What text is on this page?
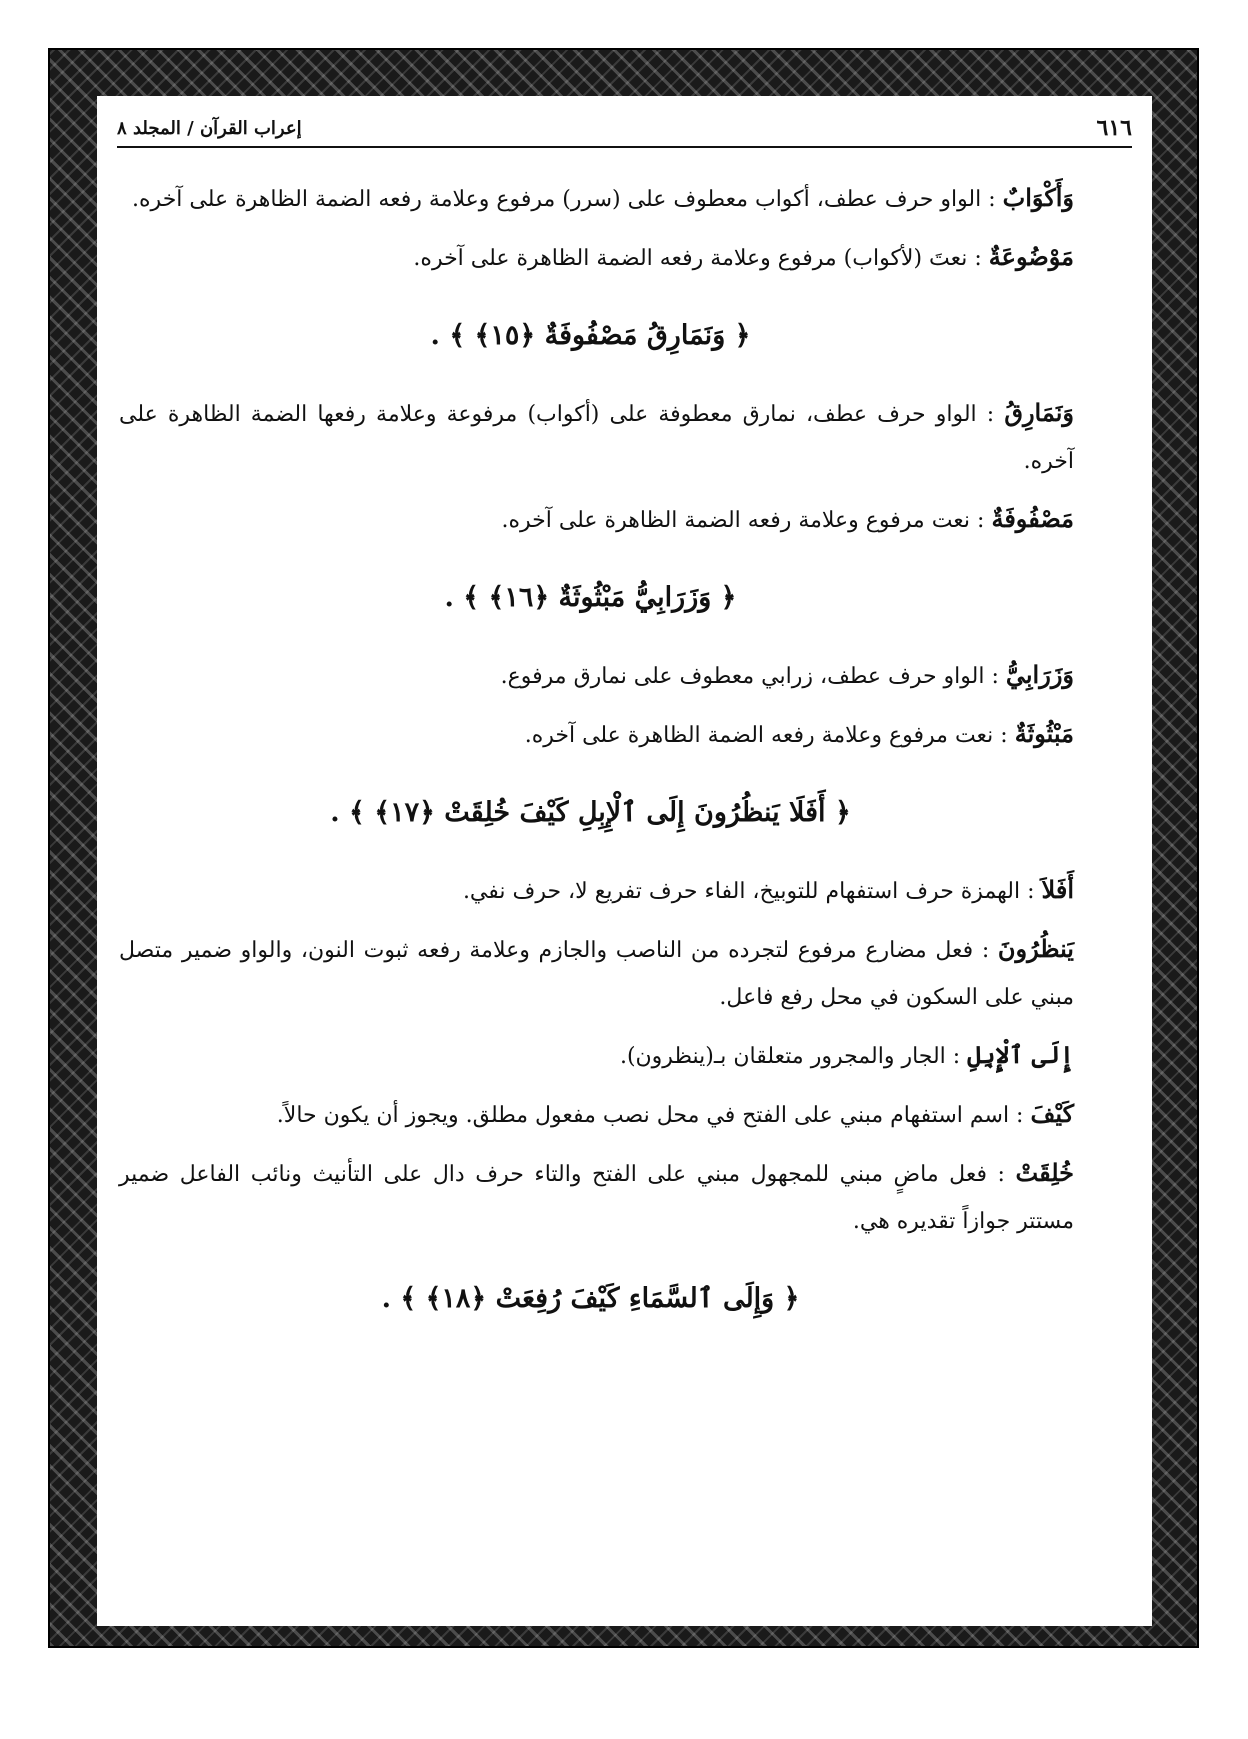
٦١٦
إعراب القرآن / المجلد ٨

وَأَكْوَابٌ : الواو حرف عطف، أكواب معطوف على (سرر) مرفوع وعلامة رفعه الضمة الظاهرة على آخره.

مَوْضُوعَةٌ : نعتَ (لأكواب) مرفوع وعلامة رفعه الضمة الظاهرة على آخره.

﴿ وَنَمَارِقُ مَصْفُوفَةٌ ﴿١٥﴾ ﴾ .

وَنَمَارِقُ : الواو حرف عطف، نمارق معطوفة على (أكواب) مرفوعة وعلامة رفعها الضمة الظاهرة على آخره.

مَصْفُوفَةٌ : نعت مرفوع وعلامة رفعه الضمة الظاهرة على آخره.

﴿ وَزَرَابِيُّ مَبْثُوثَةٌ ﴿١٦﴾ ﴾ .

وَزَرَابِيُّ : الواو حرف عطف، زرابي معطوف على نمارق مرفوع.

مَبْثُوثَةٌ : نعت مرفوع وعلامة رفعه الضمة الظاهرة على آخره.

﴿ أَفَلَا يَنظُرُونَ إِلَى ٱلْإِبِلِ كَيْفَ خُلِقَتْ ﴿١٧﴾ ﴾ .

أَفَلاَ : الهمزة حرف استفهام للتوبيخ، الفاء حرف تفريع لا، حرف نفي.

يَنظُرُونَ : فعل مضارع مرفوع لتجرده من الناصب والجازم وعلامة رفعه ثبوت النون، والواو ضمير متصل مبني على السكون في محل رفع فاعل.

إِلَى ٱلْإِبِلِ : الجار والمجرور متعلقان بـ(ينظرون).

كَيْفَ : اسم استفهام مبني على الفتح في محل نصب مفعول مطلق. ويجوز أن يكون حالاً.

خُلِقَتْ : فعل ماضٍ مبني للمجهول مبني على الفتح والتاء حرف دال على التأنيث ونائب الفاعل ضمير مستتر جوازاً تقديره هي.

﴿ وَإِلَى ٱلسَّمَاءِ كَيْفَ رُفِعَتْ ﴿١٨﴾ ﴾ .
